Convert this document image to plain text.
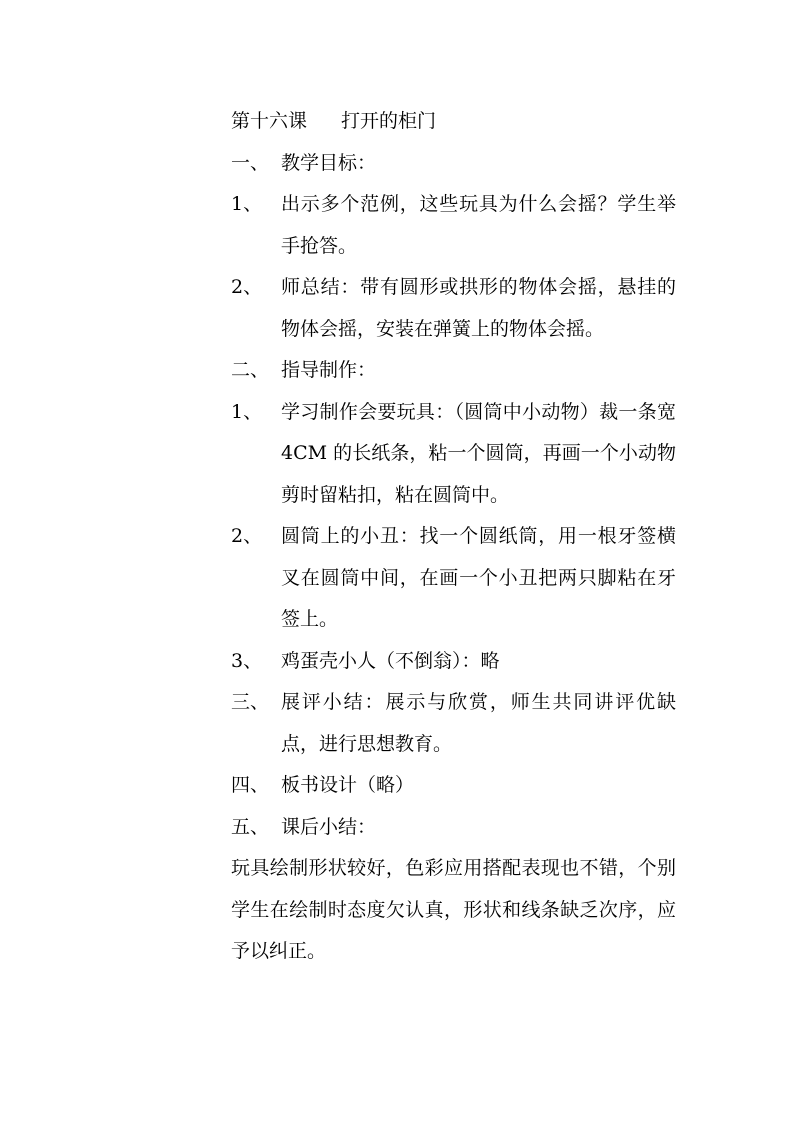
第十六课 打开的柜门
一、 教学目标：
1、 出示多个范例，这些玩具为什么会摇？学生举手抢答。
2、 师总结：带有圆形或拱形的物体会摇，悬挂的物体会摇，安装在弹簧上的物体会摇。
二、 指导制作：
1、 学习制作会要玩具：（圆筒中小动物）裁一条宽 4CM 的长纸条，粘一个圆筒，再画一个小动物剪时留粘扣，粘在圆筒中。
2、 圆筒上的小丑：找一个圆纸筒，用一根牙签横叉在圆筒中间，在画一个小丑把两只脚粘在牙签上。
3、 鸡蛋壳小人（不倒翁）：略
三、 展评小结：展示与欣赏，师生共同讲评优缺点，进行思想教育。
四、 板书设计（略）
五、 课后小结：
玩具绘制形状较好，色彩应用搭配表现也不错，个别学生在绘制时态度欠认真，形状和线条缺乏次序，应予以纠正。
